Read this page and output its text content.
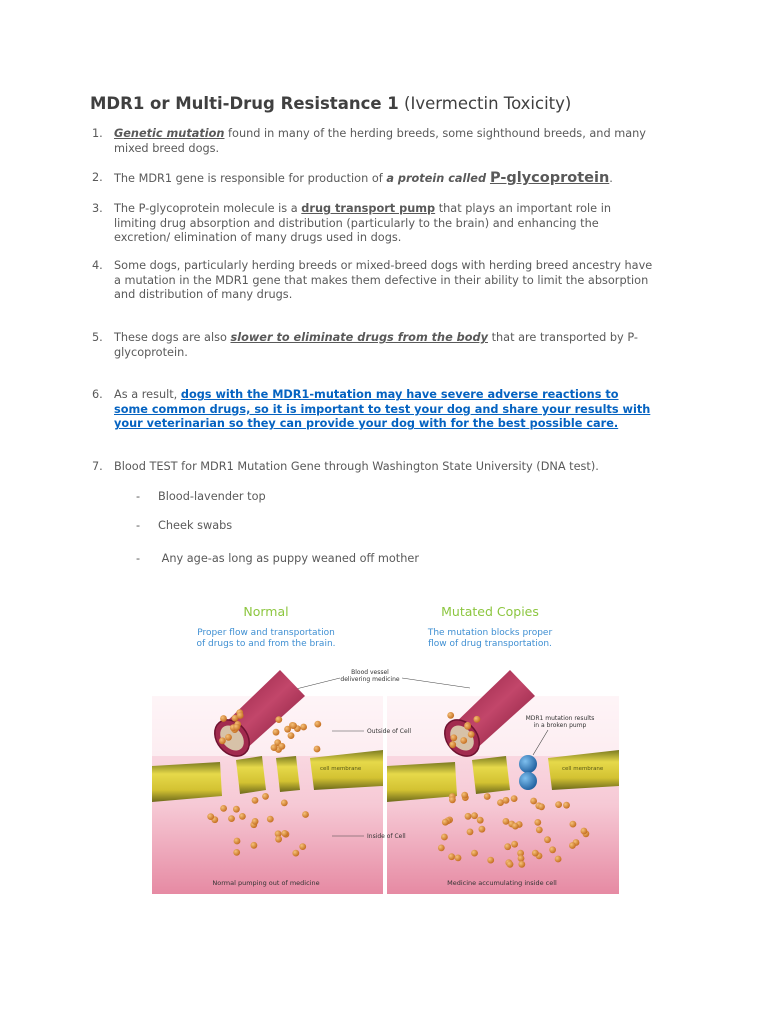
MDR1 or Multi-Drug Resistance 1 (Ivermectin Toxicity)
1. Genetic mutation found in many of the herding breeds, some sighthound breeds, and many mixed breed dogs.
2. The MDR1 gene is responsible for production of a protein called P-glycoprotein.
3. The P-glycoprotein molecule is a drug transport pump that plays an important role in limiting drug absorption and distribution (particularly to the brain) and enhancing the excretion/ elimination of many drugs used in dogs.
4. Some dogs, particularly herding breeds or mixed-breed dogs with herding breed ancestry have a mutation in the MDR1 gene that makes them defective in their ability to limit the absorption and distribution of many drugs.
5. These dogs are also slower to eliminate drugs from the body that are transported by P-glycoprotein.
6. As a result, dogs with the MDR1-mutation may have severe adverse reactions to some common drugs, so it is important to test your dog and share your results with your veterinarian so they can provide your dog with for the best possible care.
7. Blood TEST for MDR1 Mutation Gene through Washington State University (DNA test).
- Blood-lavender top
- Cheek swabs
- Any age-as long as puppy weaned off mother
Normal
Proper flow and transportation
of drugs to and from the brain.
Mutated Copies
The mutation blocks proper
flow of drug transportation.
Blood vessel
delivering medicine
Outside of Cell
Inside of Cell
cell membrane	cell membrane
MDR1 mutation results
in a broken pump
Normal pumping out of medicine	Medicine accumulating inside cell
